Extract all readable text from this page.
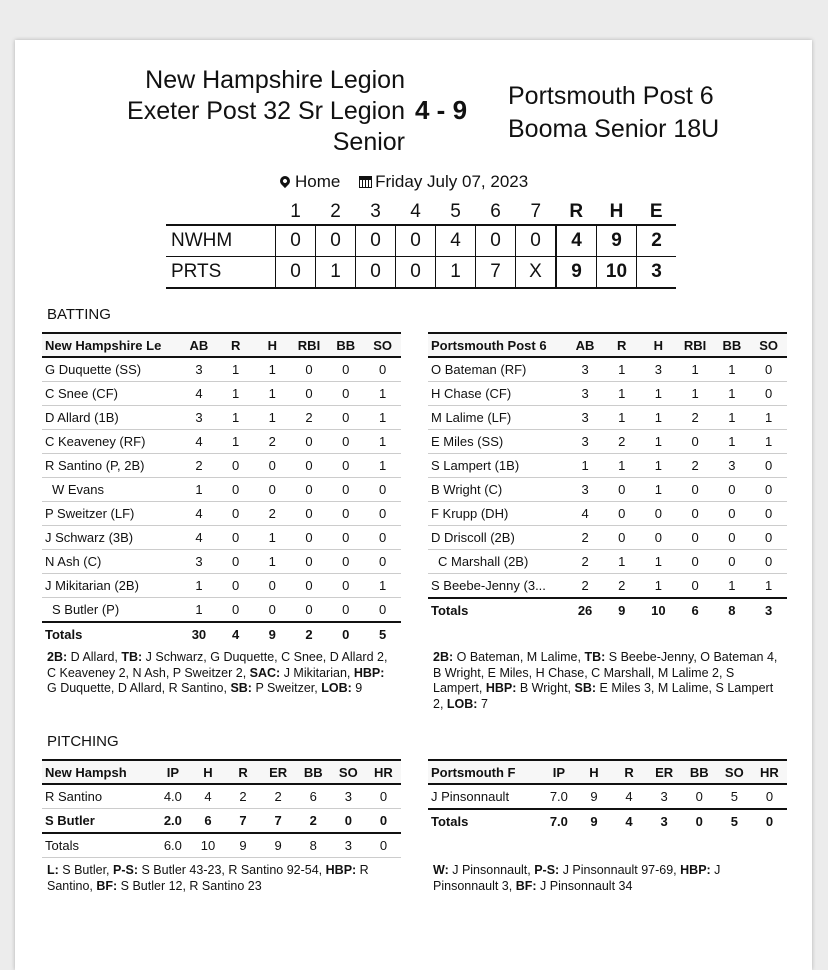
New Hampshire Legion
Exeter Post 32 Sr Legion
Senior
4 - 9 Portsmouth Post 6
Booma Senior 18U
Home Friday July 07, 2023
	1	2	3	4	5	6	7	R	H	E
NWHM	0	0	0	0	4	0	0	4	9	2
PRTS	0	1	0	0	1	7	X	9	10	3
BATTING
New Hampshire Le	AB	R	H	RBI	BB	SO
G Duquette (SS)	3	1	1	0	0	0
C Snee (CF)	4	1	1	0	0	1
D Allard (1B)	3	1	1	2	0	1
C Keaveney (RF)	4	1	2	0	0	1
R Santino (P, 2B)	2	0	0	0	0	1
W Evans	1	0	0	0	0	0
P Sweitzer (LF)	4	0	2	0	0	0
J Schwarz (3B)	4	0	1	0	0	0
N Ash (C)	3	0	1	0	0	0
J Mikitarian (2B)	1	0	0	0	0	1
S Butler (P)	1	0	0	0	0	0
Totals	30	4	9	2	0	5
Portsmouth Post 6	AB	R	H	RBI	BB	SO
O Bateman (RF)	3	1	3	1	1	0
H Chase (CF)	3	1	1	1	1	0
M Lalime (LF)	3	1	1	2	1	1
E Miles (SS)	3	2	1	0	1	1
S Lampert (1B)	1	1	1	2	3	0
B Wright (C)	3	0	1	0	0	0
F Krupp (DH)	4	0	0	0	0	0
D Driscoll (2B)	2	0	0	0	0	0
C Marshall (2B)	2	1	1	0	0	0
S Beebe-Jenny (3...	2	2	1	0	1	1
Totals	26	9	10	6	8	3
2B: D Allard, TB: J Schwarz, G Duquette, C Snee, D Allard 2, C Keaveney 2, N Ash, P Sweitzer 2, SAC: J Mikitarian, HBP: G Duquette, D Allard, R Santino, SB: P Sweitzer, LOB: 9
2B: O Bateman, M Lalime, TB: S Beebe-Jenny, O Bateman 4, B Wright, E Miles, H Chase, C Marshall, M Lalime 2, S Lampert, HBP: B Wright, SB: E Miles 3, M Lalime, S Lampert 2, LOB: 7
PITCHING
New Hampsh	IP	H	R	ER	BB	SO	HR
R Santino	4.0	4	2	2	6	3	0
S Butler	2.0	6	7	7	2	0	0
Totals	6.0	10	9	9	8	3	0
Portsmouth F	IP	H	R	ER	BB	SO	HR
J Pinsonnault	7.0	9	4	3	0	5	0
Totals	7.0	9	4	3	0	5	0
L: S Butler, P-S: S Butler 43-23, R Santino 92-54, HBP: R Santino, BF: S Butler 12, R Santino 23
W: J Pinsonnault, P-S: J Pinsonnault 97-69, HBP: J Pinsonnault 3, BF: J Pinsonnault 34
